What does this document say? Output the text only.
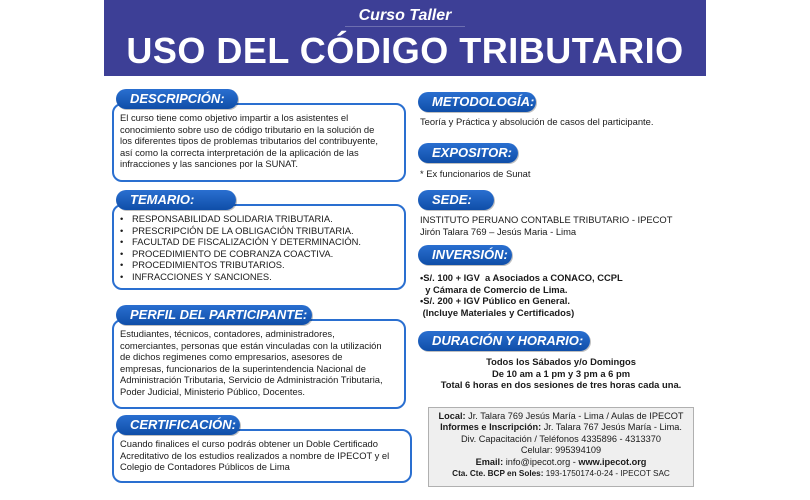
Curso Taller
USO DEL CÓDIGO TRIBUTARIO
DESCRIPCIÓN:
El curso tiene como objetivo impartir a los asistentes el
conocimiento sobre uso de código tributario en la solución de
los diferentes tipos de problemas tributarios del contribuyente,
así como la correcta interpretación de la aplicación de las
infracciones y las sanciones por la SUNAT.
TEMARIO:
• RESPONSABILIDAD SOLIDARIA TRIBUTARIA.
• PRESCRIPCIÓN DE LA OBLIGACIÓN TRIBUTARIA.
• FACULTAD DE FISCALIZACIÓN Y DETERMINACIÓN.
• PROCEDIMIENTO DE COBRANZA COACTIVA.
• PROCEDIMIENTOS TRIBUTARIOS.
• INFRACCIONES Y SANCIONES.
PERFIL DEL PARTICIPANTE:
Estudiantes, técnicos, contadores, administradores,
comerciantes, personas que están vinculadas con la utilización
de dichos regimenes como empresarios, asesores de
empresas, funcionarios de la superintendencia Nacional de
Administración Tributaria, Servicio de Administración Tributaria,
Poder Judicial, Ministerio Público, Docentes.
CERTIFICACIÓN:
Cuando finalices el curso podrás obtener un Doble Certificado
Acreditativo de los estudios realizados a nombre de IPECOT y el
Colegio de Contadores Públicos de Lima
METODOLOGÍA:
Teoría y Práctica y absolución de casos del participante.
EXPOSITOR:
* Ex funcionarios de Sunat
SEDE:
INSTITUTO PERUANO CONTABLE TRIBUTARIO - IPECOT
Jirón Talara 769 – Jesús Maria - Lima
INVERSIÓN:
•S/. 100 + IGV  a Asociados a CONACO, CCPL
y Cámara de Comercio de Lima.
•S/. 200 + IGV Público en General.
(Incluye Materiales y Certificados)
DURACIÓN Y HORARIO:
Todos los Sábados y/o Domingos
De 10 am a 1 pm y 3 pm a 6 pm
Total 6 horas en dos sesiones de tres horas cada una.
Local: Jr. Talara 769 Jesús María - Lima / Aulas de IPECOT
Informes e Inscripción: Jr. Talara 767 Jesús María - Lima.
Div. Capacitación / Teléfonos 4335896 - 4313370
Celular: 995394109
Email: info@ipecot.org - www.ipecot.org
Cta. Cte. BCP en Soles: 193-1750174-0-24 - IPECOT SAC
